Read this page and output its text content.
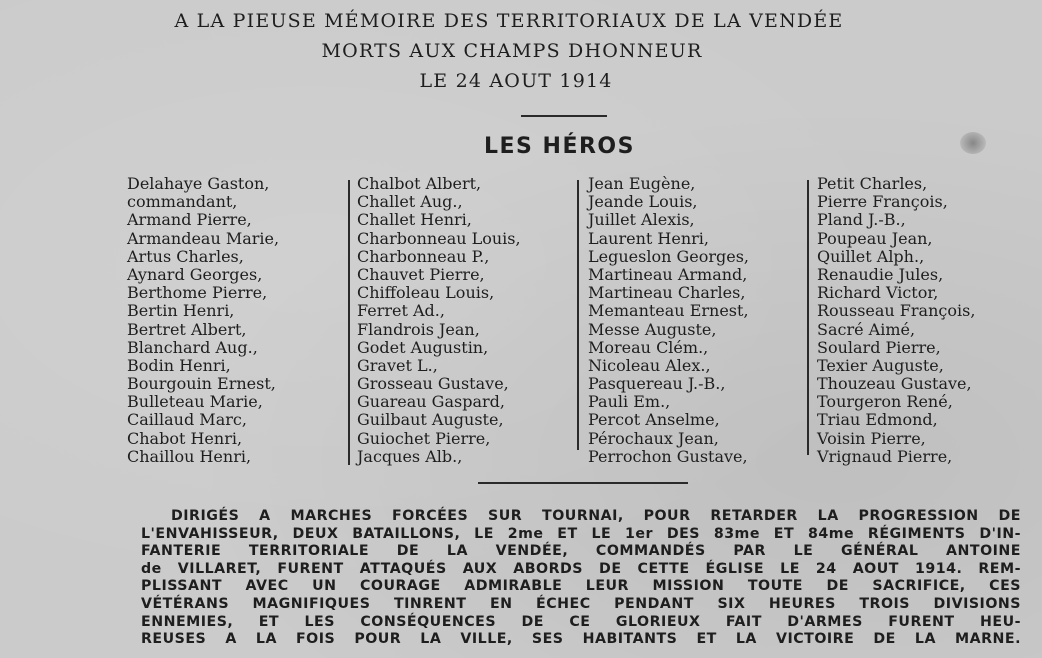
A LA PIEUSE MÉMOIRE DES TERRITORIAUX DE LA VENDÉE
MORTS AUX CHAMPS DHONNEUR
LE 24 AOUT 1914
LES HÉROS
Delahaye Gaston,
commandant,
Armand Pierre,
Armandeau Marie,
Artus Charles,
Aynard Georges,
Berthome Pierre,
Bertin Henri,
Bertret Albert,
Blanchard Aug.,
Bodin Henri,
Bourgouin Ernest,
Bulleteau Marie,
Caillaud Marc,
Chabot Henri,
Chaillou Henri,
Chalbot Albert,
Challet Aug.,
Challet Henri,
Charbonneau Louis,
Charbonneau P.,
Chauvet Pierre,
Chiffoleau Louis,
Ferret Ad.,
Flandrois Jean,
Godet Augustin,
Gravet L.,
Grosseau Gustave,
Guareau Gaspard,
Guilbaut Auguste,
Guiochet Pierre,
Jacques Alb.,
Jean Eugène,
Jeande Louis,
Juillet Alexis,
Laurent Henri,
Legueslon Georges,
Martineau Armand,
Martineau Charles,
Memanteau Ernest,
Messe Auguste,
Moreau Clém.,
Nicoleau Alex.,
Pasquereau J.-B.,
Pauli Em.,
Percot Anselme,
Pérochaux Jean,
Perrochon Gustave,
Petit Charles,
Pierre François,
Pland J.-B.,
Poupeau Jean,
Quillet Alph.,
Renaudie Jules,
Richard Victor,
Rousseau François,
Sacré Aimé,
Soulard Pierre,
Texier Auguste,
Thouzeau Gustave,
Tourgeron René,
Triau Edmond,
Voisin Pierre,
Vrignaud Pierre,
DIRIGÉS A MARCHES FORCÉES SUR TOURNAI, POUR RETARDER LA PROGRESSION DE
L'ENVAHISSEUR, DEUX BATAILLONS, LE 2me ET LE 1er DES 83me ET 84me RÉGIMENTS D'IN-
FANTERIE TERRITORIALE DE LA VENDÉE, COMMANDÉS PAR LE GÉNÉRAL ANTOINE
de VILLARET, FURENT ATTAQUÉS AUX ABORDS DE CETTE ÉGLISE LE 24 AOUT 1914. REM-
PLISSANT AVEC UN COURAGE ADMIRABLE LEUR MISSION TOUTE DE SACRIFICE, CES
VÉTÉRANS MAGNIFIQUES TINRENT EN ÉCHEC PENDANT SIX HEURES TROIS DIVISIONS
ENNEMIES, ET LES CONSÉQUENCES DE CE GLORIEUX FAIT D'ARMES FURENT HEU-
REUSES A LA FOIS POUR LA VILLE, SES HABITANTS ET LA VICTOIRE DE LA MARNE.
